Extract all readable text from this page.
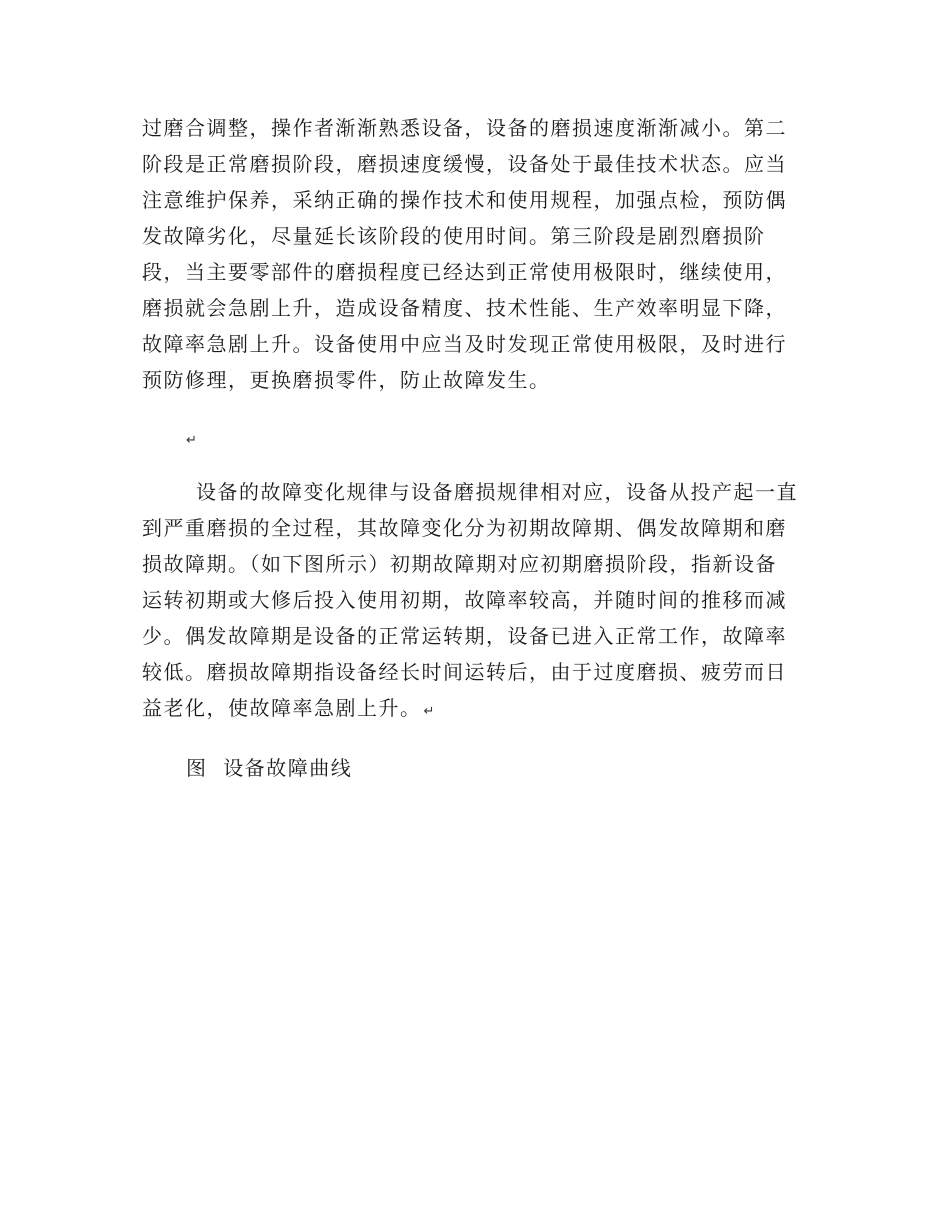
过磨合调整，操作者渐渐熟悉设备，设备的磨损速度渐渐减小。第二
阶段是正常磨损阶段，磨损速度缓慢，设备处于最佳技术状态。应当
注意维护保养，采纳正确的操作技术和使用规程，加强点检，预防偶
发故障劣化，尽量延长该阶段的使用时间。第三阶段是剧烈磨损阶
段，当主要零部件的磨损程度已经达到正常使用极限时，继续使用，
磨损就会急剧上升，造成设备精度、技术性能、生产效率明显下降，
故障率急剧上升。设备使用中应当及时发现正常使用极限，及时进行
预防修理，更换磨损零件，防止故障发生。
↵
设备的故障变化规律与设备磨损规律相对应，设备从投产起一直
到严重磨损的全过程，其故障变化分为初期故障期、偶发故障期和磨
损故障期。（如下图所示）初期故障期对应初期磨损阶段，指新设备
运转初期或大修后投入使用初期，故障率较高，并随时间的推移而减
少。偶发故障期是设备的正常运转期，设备已进入正常工作，故障率
较低。磨损故障期指设备经长时间运转后，由于过度磨损、疲劳而日
益老化，使故障率急剧上升。 ↵
图  设备故障曲线
